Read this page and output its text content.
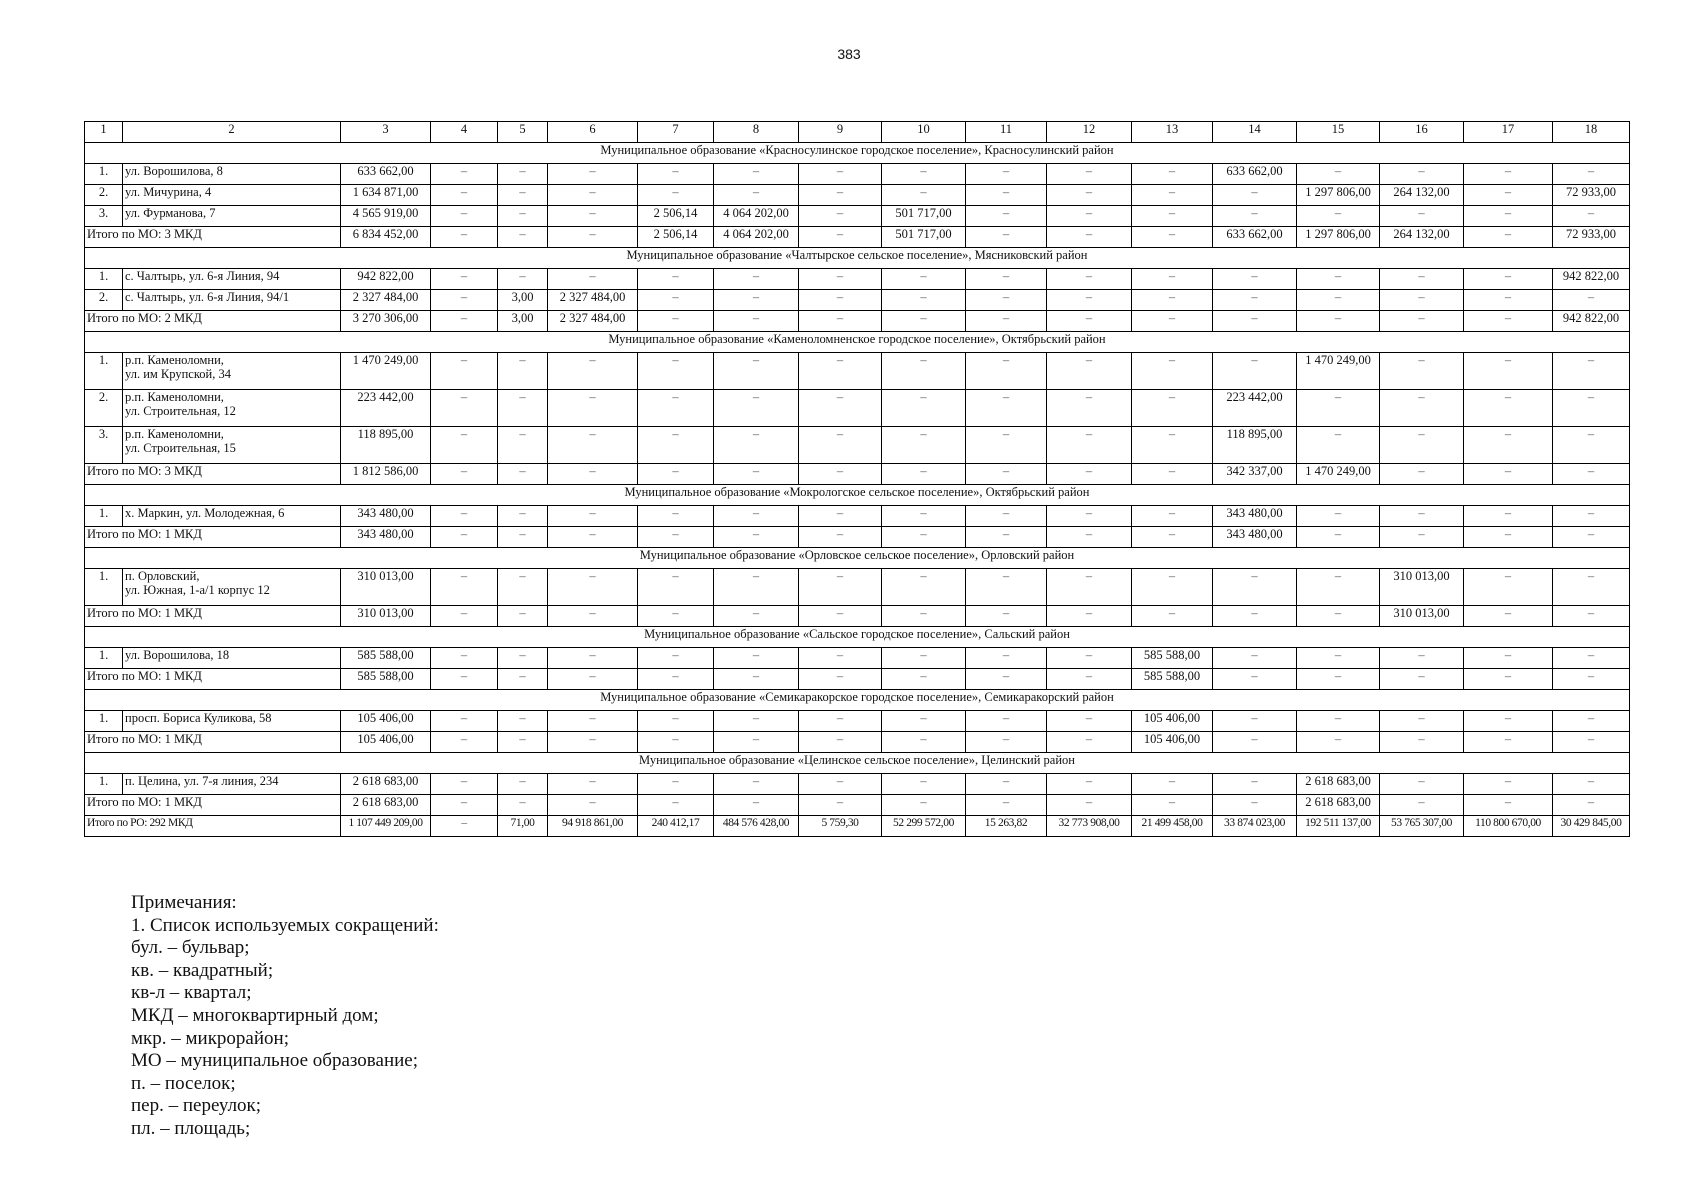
383
1	2	3	4	5	6	7	8	9	10	11	12	13	14	15	16	17	18
Муниципальное образование «Красносулинское городское поселение», Красносулинский район																	
1.	ул. Ворошилова, 8	633 662,00	–	–	–	–	–	–	–	–	–	–	633 662,00	–	–	–	–
2.	ул. Мичурина, 4	1 634 871,00	–	–	–	–	–	–	–	–	–	–	–	1 297 806,00	264 132,00	–	72 933,00
3.	ул. Фурманова, 7	4 565 919,00	–	–	–	2 506,14	4 064 202,00	–	501 717,00	–	–	–	–	–	–	–	–
Итого по МО: 3 МКД		6 834 452,00	–	–	–	2 506,14	4 064 202,00	–	501 717,00	–	–	–	633 662,00	1 297 806,00	264 132,00	–	72 933,00
Муниципальное образование «Чалтырское сельское поселение», Мясниковский район																	
1.	с. Чалтырь, ул. 6-я Линия, 94	942 822,00	–	–	–	–	–	–	–	–	–	–	–	–	–	–	942 822,00
2.	с. Чалтырь, ул. 6-я Линия, 94/1	2 327 484,00	–	3,00	2 327 484,00	–	–	–	–	–	–	–	–	–	–	–	–
Итого по МО: 2 МКД		3 270 306,00	–	3,00	2 327 484,00	–	–	–	–	–	–	–	–	–	–	–	942 822,00
Муниципальное образование «Каменоломненское городское поселение», Октябрьский район																	
1.	р.п. Каменоломни,
ул. им Крупской, 34	1 470 249,00	–	–	–	–	–	–	–	–	–	–	–	1 470 249,00	–	–	–
2.	р.п. Каменоломни,
ул. Строительная, 12	223 442,00	–	–	–	–	–	–	–	–	–	–	223 442,00	–	–	–	–
3.	р.п. Каменоломни,
ул. Строительная, 15	118 895,00	–	–	–	–	–	–	–	–	–	–	118 895,00	–	–	–	–
Итого по МО: 3 МКД		1 812 586,00	–	–	–	–	–	–	–	–	–	–	342 337,00	1 470 249,00	–	–	–
Муниципальное образование «Мокрологское сельское поселение», Октябрьский район																	
1.	х. Маркин, ул. Молодежная, 6	343 480,00	–	–	–	–	–	–	–	–	–	–	343 480,00	–	–	–	–
Итого по МО: 1 МКД		343 480,00	–	–	–	–	–	–	–	–	–	–	343 480,00	–	–	–	–
Муниципальное образование «Орловское сельское поселение», Орловский район																	
1.	п. Орловский,
ул. Южная, 1-а/1 корпус 12	310 013,00	–	–	–	–	–	–	–	–	–	–	–	–	310 013,00	–	–
Итого по МО: 1 МКД		310 013,00	–	–	–	–	–	–	–	–	–	–	–	–	310 013,00	–	–
Муниципальное образование «Сальское городское поселение», Сальский район																	
1.	ул. Ворошилова, 18	585 588,00	–	–	–	–	–	–	–	–	–	585 588,00	–	–	–	–	–
Итого по МО: 1 МКД		585 588,00	–	–	–	–	–	–	–	–	–	585 588,00	–	–	–	–	–
Муниципальное образование «Семикаракорское городское поселение», Семикаракорский район																	
1.	просп. Бориса Куликова, 58	105 406,00	–	–	–	–	–	–	–	–	–	105 406,00	–	–	–	–	–
Итого по МО: 1 МКД		105 406,00	–	–	–	–	–	–	–	–	–	105 406,00	–	–	–	–	–
Муниципальное образование «Целинское сельское поселение», Целинский район																	
1.	п. Целина, ул. 7-я линия, 234	2 618 683,00	–	–	–	–	–	–	–	–	–	–	–	2 618 683,00	–	–	–
Итого по МО: 1 МКД		2 618 683,00	–	–	–	–	–	–	–	–	–	–	–	2 618 683,00	–	–	–
Итого по РО: 292 МКД		1 107 449 209,00	–	71,00	94 918 861,00	240 412,17	484 576 428,00	5 759,30	52 299 572,00	15 263,82	32 773 908,00	21 499 458,00	33 874 023,00	192 511 137,00	53 765 307,00	110 800 670,00	30 429 845,00
Примечания:
1. Список используемых сокращений:
бул. – бульвар;
кв. – квадратный;
кв-л – квартал;
МКД – многоквартирный дом;
мкр. – микрорайон;
МО – муниципальное образование;
п. – поселок;
пер. – переулок;
пл. – площадь;
